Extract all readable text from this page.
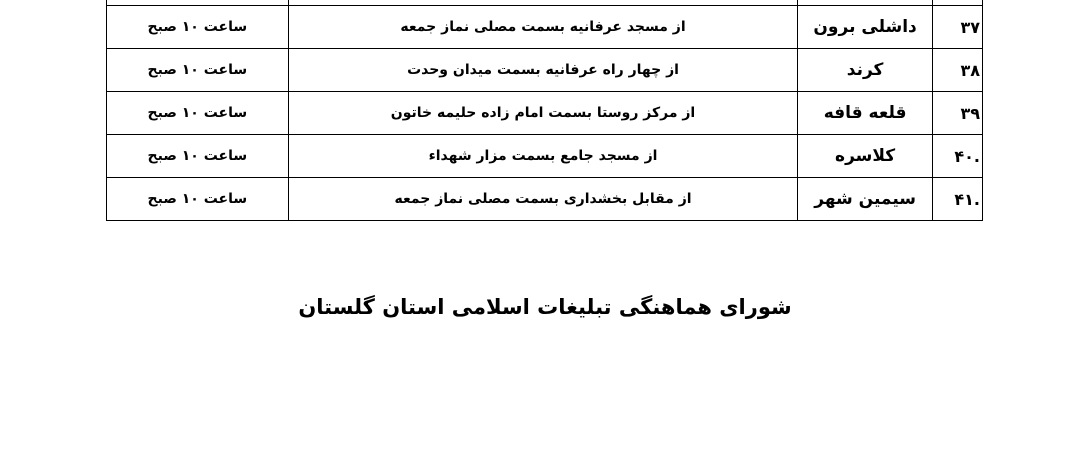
۳۷	داشلی برون	از مسجد عرفانیه بسمت مصلی نماز جمعه	ساعت ۱۰ صبح
۳۸	کرند	از چهار راه عرفانیه بسمت میدان وحدت	ساعت ۱۰ صبح
۳۹	قلعه قافه	از مرکز روستا بسمت امام زاده حلیمه خاتون	ساعت ۱۰ صبح
.۴۰	کلاسره	از مسجد جامع بسمت مزار شهداء	ساعت ۱۰ صبح
.۴۱	سیمین شهر	از مقابل بخشداری بسمت مصلی نماز جمعه	ساعت ۱۰ صبح
شورای هماهنگی تبلیغات اسلامی استان گلستان
